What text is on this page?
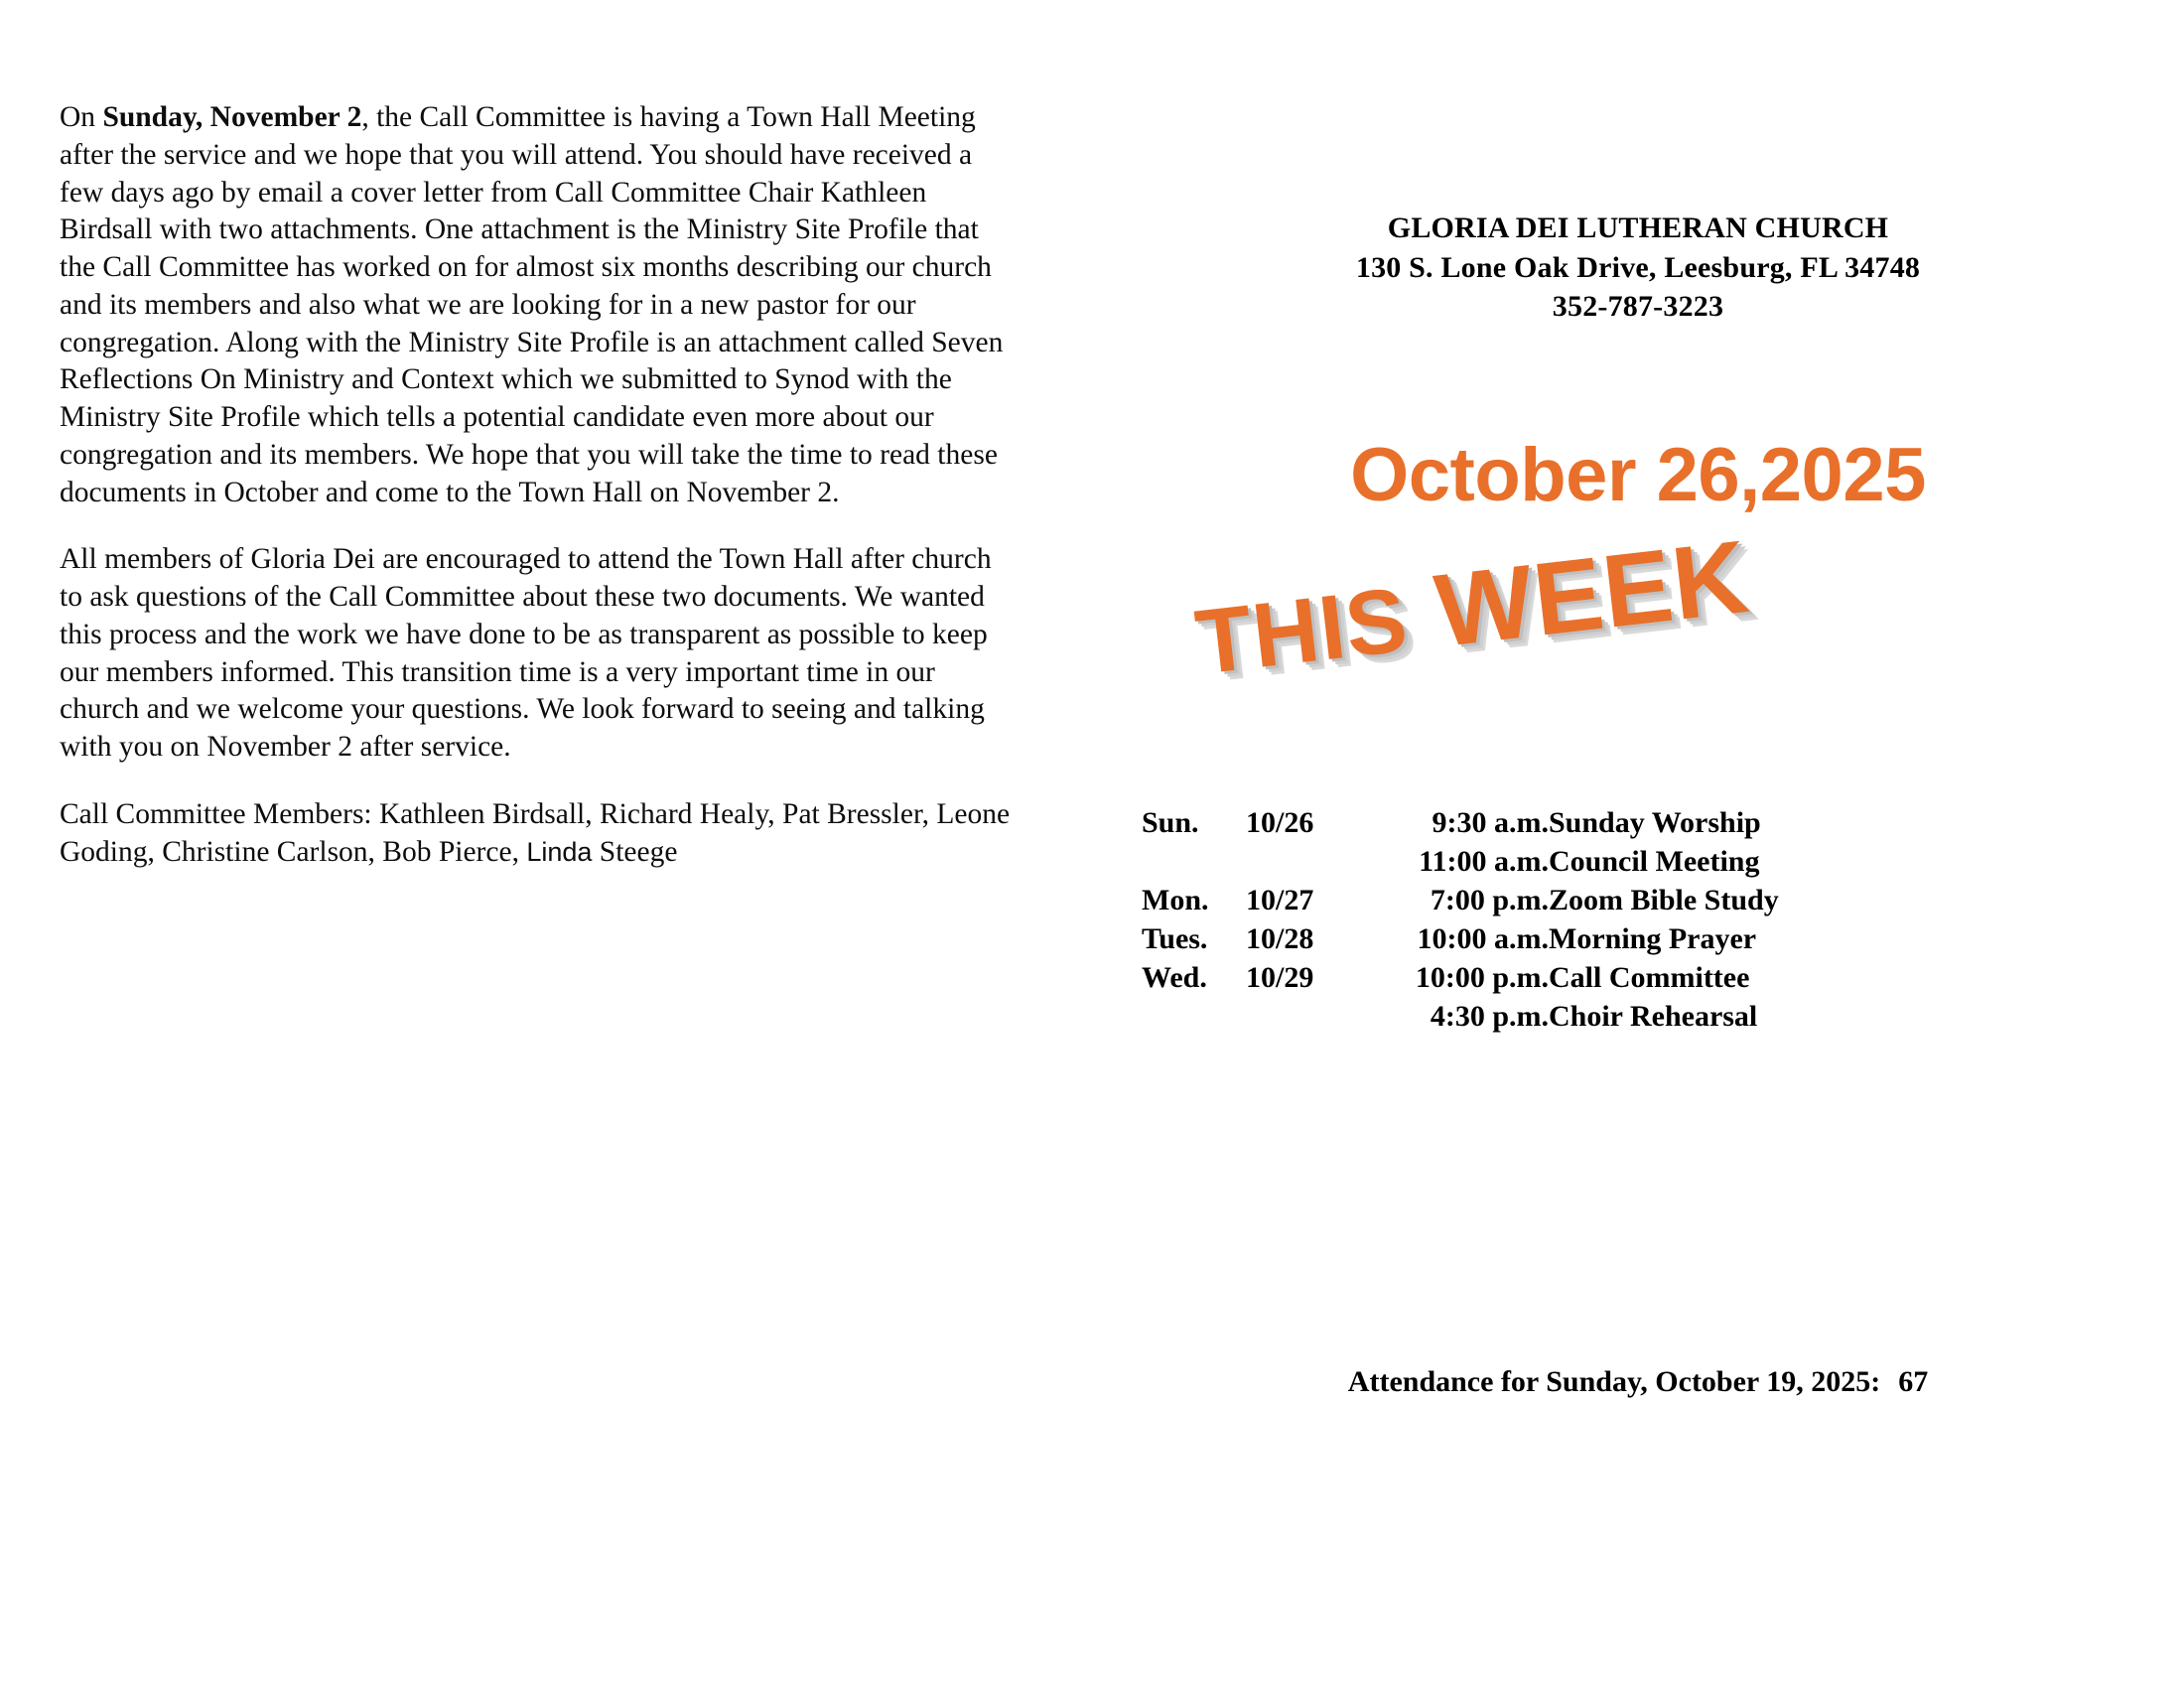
On Sunday, November 2, the Call Committee is having a Town Hall Meeting after the service and we hope that you will attend. You should have received a few days ago by email a cover letter from Call Committee Chair Kathleen Birdsall with two attachments. One attachment is the Ministry Site Profile that the Call Committee has worked on for almost six months describing our church and its members and also what we are looking for in a new pastor for our congregation. Along with the Ministry Site Profile is an attachment called Seven Reflections On Ministry and Context which we submitted to Synod with the Ministry Site Profile which tells a potential candidate even more about our congregation and its members. We hope that you will take the time to read these documents in October and come to the Town Hall on November 2.

All members of Gloria Dei are encouraged to attend the Town Hall after church to ask questions of the Call Committee about these two documents. We wanted this process and the work we have done to be as transparent as possible to keep our members informed. This transition time is a very important time in our church and we welcome your questions. We look forward to seeing and talking with you on November 2 after service.

Call Committee Members: Kathleen Birdsall, Richard Healy, Pat Bressler, Leone Goding, Christine Carlson, Bob Pierce, Linda Steege

GLORIA DEI LUTHERAN CHURCH
130 S. Lone Oak Drive, Leesburg, FL 34748
352-787-3223
October 26,2025
THIS WEEK
Sun.	10/26	9:30 a.m.	Sunday Worship
		11:00 a.m.	Council Meeting
Mon.	10/27	7:00 p.m.	Zoom Bible Study
Tues.	10/28	10:00 a.m.	Morning Prayer
Wed.	10/29	10:00 p.m.	Call Committee
		4:30 p.m.	Choir Rehearsal
Attendance for Sunday, October 19, 2025: 67
